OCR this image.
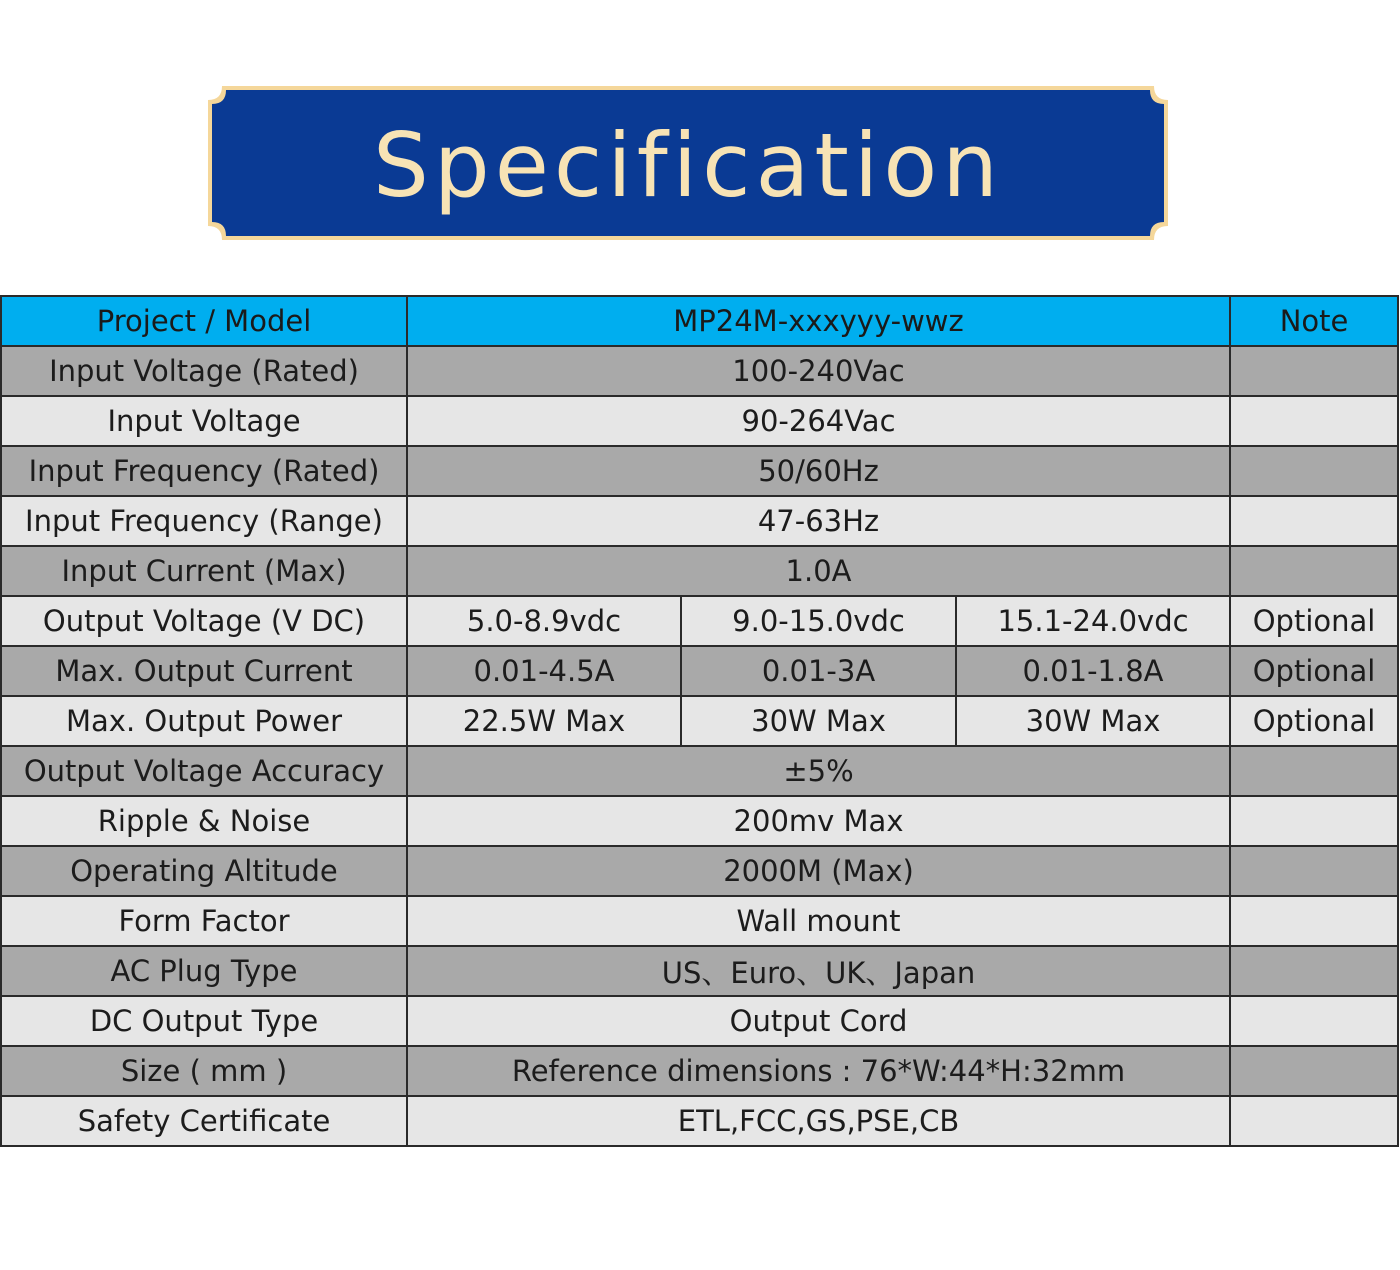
Specification
Project / Model	MP24M-xxxyyy-wwz			Note
Input Voltage (Rated)	100-240Vac			
Input Voltage	90-264Vac			
Input Frequency (Rated)	50/60Hz			
Input Frequency (Range)	47-63Hz			
Input Current (Max)	1.0A			
Output Voltage (V DC)	5.0-8.9vdc	9.0-15.0vdc	15.1-24.0vdc	Optional
Max. Output Current	0.01-4.5A	0.01-3A	0.01-1.8A	Optional
Max. Output Power	22.5W Max	30W Max	30W Max	Optional
Output Voltage Accuracy	±5%			
Ripple & Noise	200mv Max			
Operating Altitude	2000M (Max)			
Form Factor	Wall mount			
AC Plug Type	US、Euro、UK、Japan			
DC Output Type	Output Cord			
Size ( mm )	Reference dimensions : 76*W:44*H:32mm			
Safety Certificate	ETL,FCC,GS,PSE,CB			
